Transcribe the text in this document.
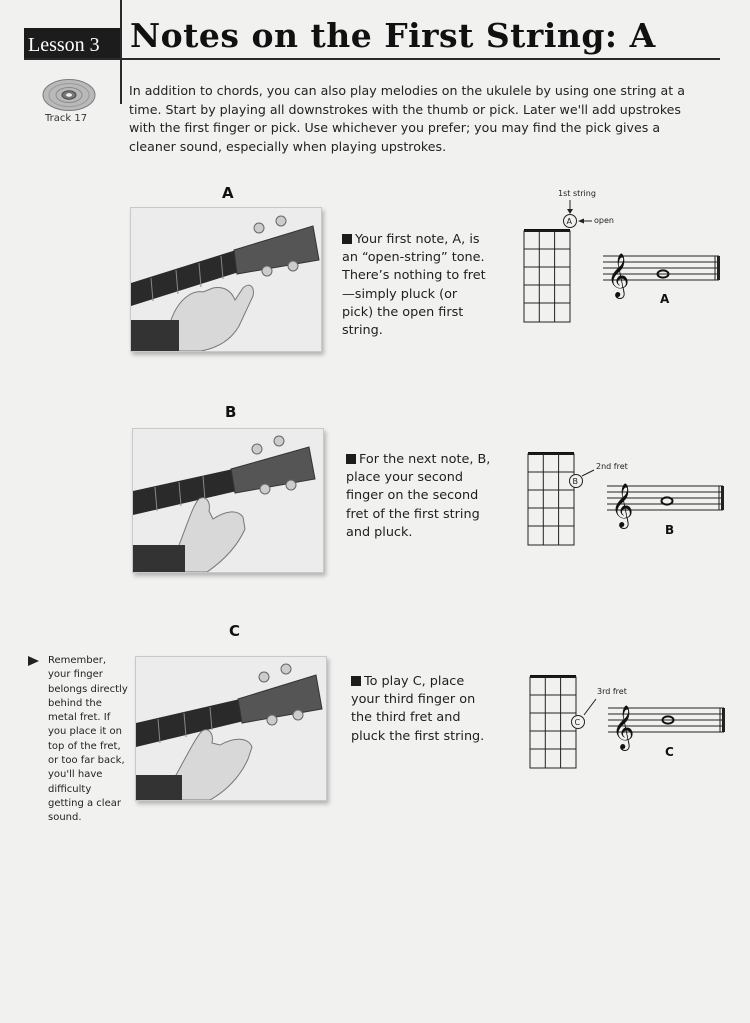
Lesson 3 Notes on the First String: A
Track 17
In addition to chords, you can also play melodies on the ukulele by using one string at a time. Start by playing all downstrokes with the thumb or pick. Later we'll add upstrokes with the first finger or pick. Use whichever you prefer; you may find the pick gives a cleaner sound, especially when playing upstrokes.
A
Your first note, A, is an “open-string” tone. There’s nothing to fret—simply pluck (or pick) the open first string.
1st string
A	open
𝄞
A
B
For the next note, B, place your second finger on the second fret of the first string and pluck.
B
2nd fret
𝄞
B
C
Remember, your finger belongs directly behind the metal fret. If you place it on top of the fret, or too far back, you'll have difficulty getting a clear sound.
To play C, place your third finger on the third fret and pluck the first string.
C
3rd fret
𝄞
C
